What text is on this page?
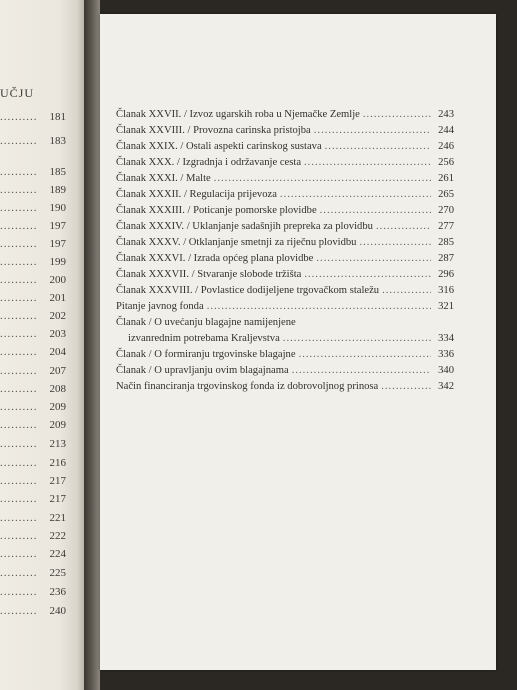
UČJU
.......... 181
.......... 183
.......... 185
.......... 189
.......... 190
.......... 197
.......... 197
.......... 199
.......... 200
.......... 201
.......... 202
.......... 203
.......... 204
.......... 207
.......... 208
.......... 209
.......... 209
.......... 213
.......... 216
.......... 217
.......... 217
.......... 221
.......... 222
.......... 224
.......... 225
.......... 236
.......... 240
Članak XXVII. / Izvoz ugarskih roba u Njemačke Zemlje .....	243
Članak XXVIII. / Provozna carinska pristojba .....	244
Članak XXIX. / Ostali aspekti carinskog sustava .....	246
Članak XXX. / Izgradnja i održavanje cesta .....	256
Članak XXXI. / Malte .....	261
Članak XXXII. / Regulacija prijevoza .....	265
Članak XXXIII. / Poticanje pomorske plovidbe .....	270
Članak XXXIV. / Uklanjanje sadašnjih prepreka za plovidbu .....	277
Članak XXXV. / Otklanjanje smetnji za riječnu plovidbu .....	285
Članak XXXVI. / Izrada općeg plana plovidbe .....	287
Članak XXXVII. / Stvaranje slobode tržišta .....	296
Članak XXXVIII. / Povlastice dodijeljene trgovačkom staležu .....	316
Pitanje javnog fonda .....	321
Članak / O uvećanju blagajne namijenjene
izvanrednim potrebama Kraljevstva .....	334
Članak / O formiranju trgovinske blagajne .....	336
Članak / O upravljanju ovim blagajnama .....	340
Način financiranja trgovinskog fonda iz dobrovoljnog prinosa .....	342
